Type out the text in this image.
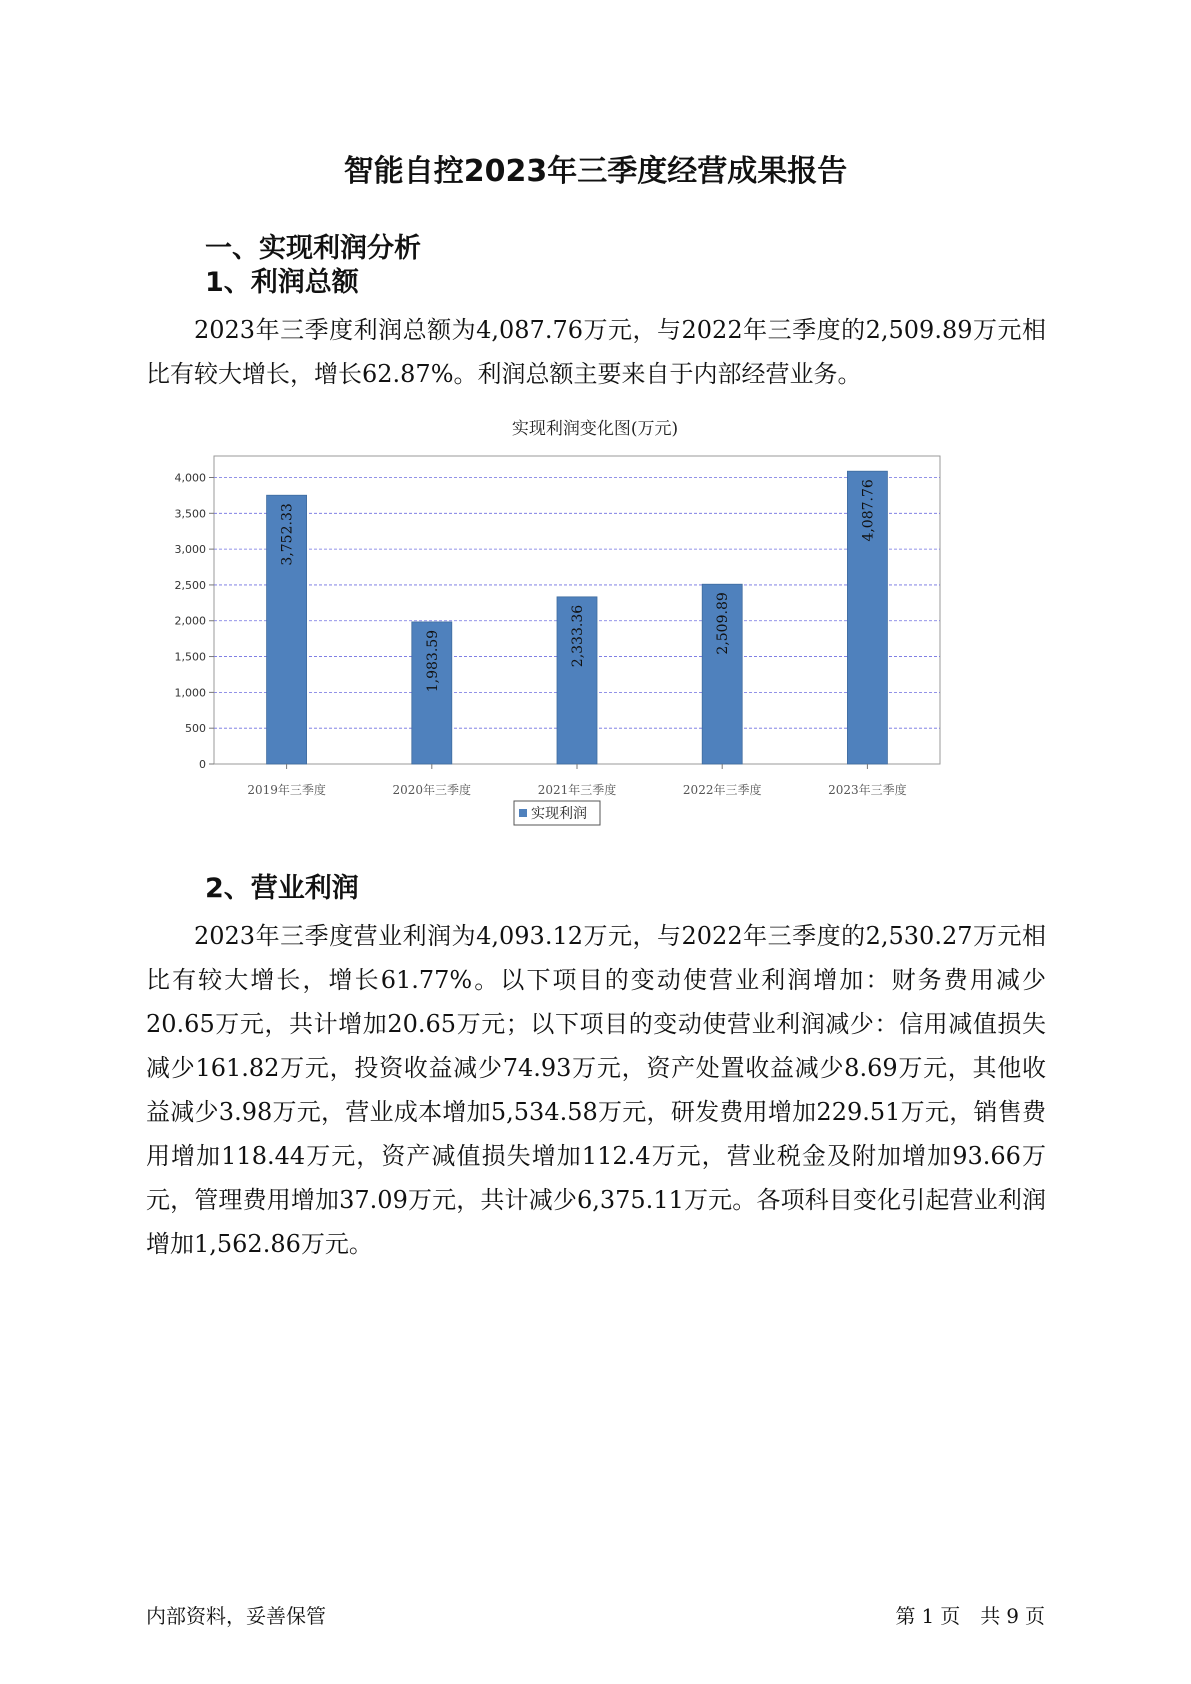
智能自控2023年三季度经营成果报告
一、实现利润分析
1、利润总额
2023年三季度利润总额为4,087.76万元，与2022年三季度的2,509.89万元相比有较大增长，增长62.87%。利润总额主要来自于内部经营业务。
实现利润变化图(万元)
0
500
1,000
1,500
2,000
2,500
3,000
3,500
4,000
3,752.33
2019年三季度
1,983.59
2020年三季度
2,333.36
2021年三季度
2,509.89
2022年三季度
4,087.76
2023年三季度
实现利润
2、营业利润
2023年三季度营业利润为4,093.12万元，与2022年三季度的2,530.27万元相比有较大增长，增长61.77%。以下项目的变动使营业利润增加：财务费用减少20.65万元，共计增加20.65万元；以下项目的变动使营业利润减少：信用减值损失减少161.82万元，投资收益减少74.93万元，资产处置收益减少8.69万元，其他收益减少3.98万元，营业成本增加5,534.58万元，研发费用增加229.51万元，销售费用增加118.44万元，资产减值损失增加112.4万元，营业税金及附加增加93.66万元，管理费用增加37.09万元，共计减少6,375.11万元。各项科目变化引起营业利润增加1,562.86万元。
内部资料，妥善保管	第 1 页　共 9 页
